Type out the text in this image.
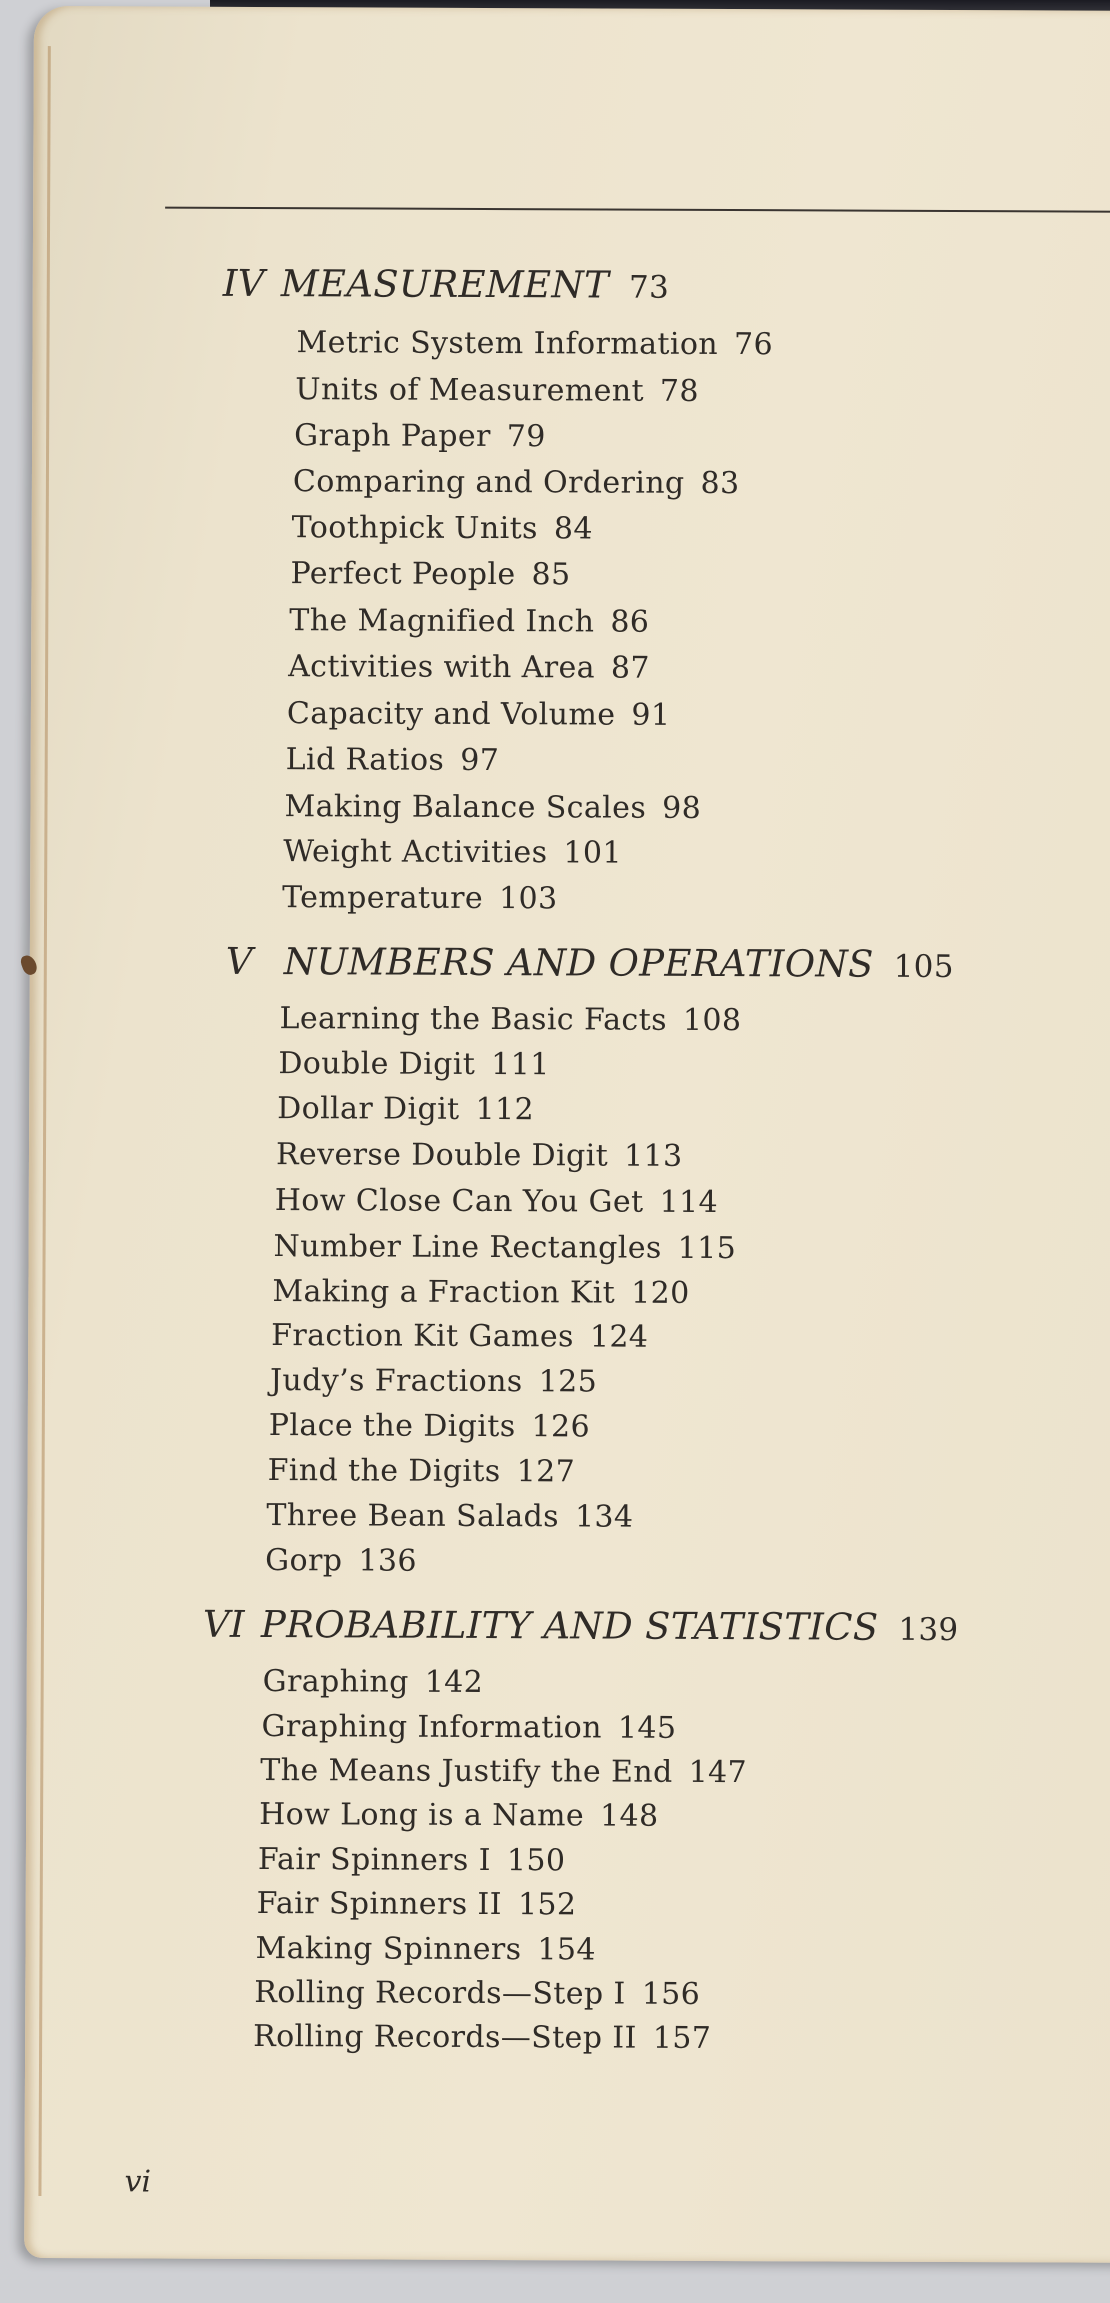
IV MEASUREMENT 73
Metric System Information 76
Units of Measurement 78
Graph Paper 79
Comparing and Ordering 83
Toothpick Units 84
Perfect People 85
The Magnified Inch 86
Activities with Area 87
Capacity and Volume 91
Lid Ratios 97
Making Balance Scales 98
Weight Activities 101
Temperature 103
V NUMBERS AND OPERATIONS 105
Learning the Basic Facts 108
Double Digit 111
Dollar Digit 112
Reverse Double Digit 113
How Close Can You Get 114
Number Line Rectangles 115
Making a Fraction Kit 120
Fraction Kit Games 124
Judy’s Fractions 125
Place the Digits 126
Find the Digits 127
Three Bean Salads 134
Gorp 136
VI PROBABILITY AND STATISTICS 139
Graphing 142
Graphing Information 145
The Means Justify the End 147
How Long is a Name 148
Fair Spinners I 150
Fair Spinners II 152
Making Spinners 154
Rolling Records—Step I 156
Rolling Records—Step II 157
vi
